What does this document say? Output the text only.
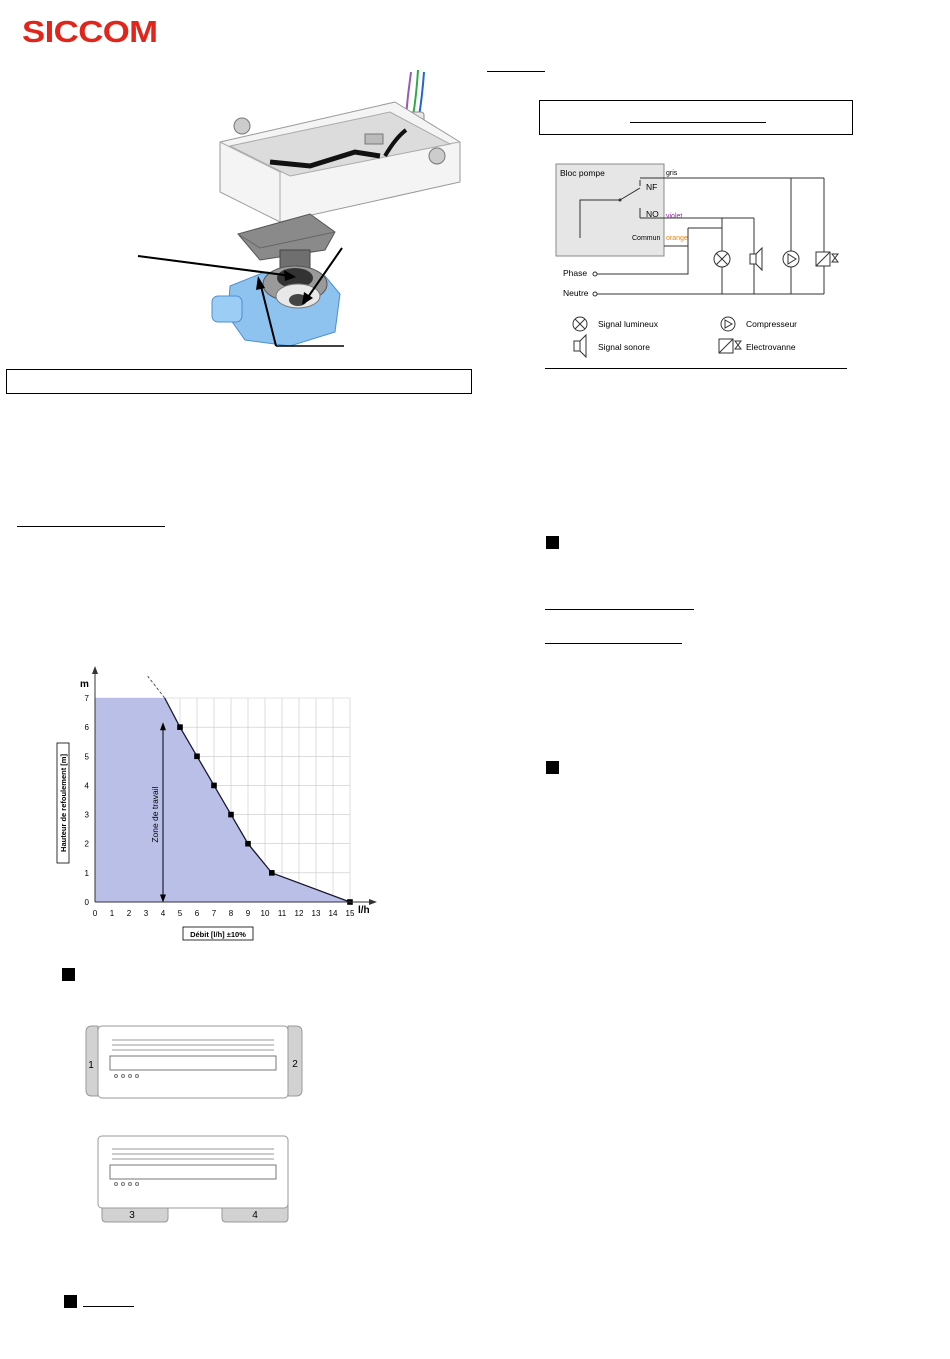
SICCOM
Bloc pompe
NF
NO
Commun
gris
violet
orange
Phase
Neutre
Signal lumineux
Signal sonore
Compresseur
Electrovanne
0 1 2 3 4 5 6 7 8 9 10 11 12 13 14 15
0
1
2
3
4
5
6
7
Zone de travail
m
l/h
Hauteur de refoulement [m]
Débit [l/h] ±10%
1	2
3	4
